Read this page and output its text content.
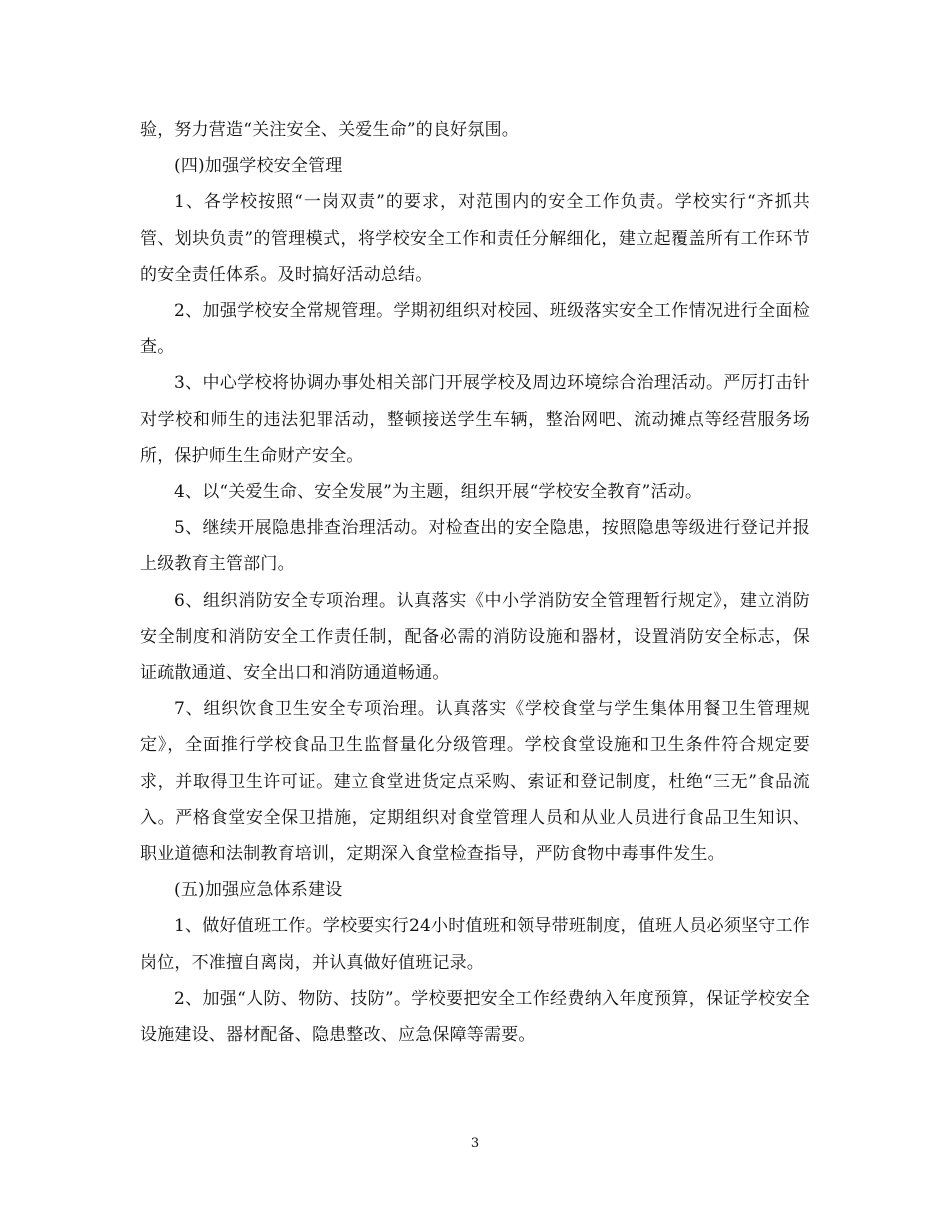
验，努力营造“关注安全、关爱生命”的良好氛围。

(四)加强学校安全管理

1、各学校按照“一岗双责”的要求，对范围内的安全工作负责。学校实行“齐抓共管、划块负责”的管理模式，将学校安全工作和责任分解细化，建立起覆盖所有工作环节的安全责任体系。及时搞好活动总结。

2、加强学校安全常规管理。学期初组织对校园、班级落实安全工作情况进行全面检查。

3、中心学校将协调办事处相关部门开展学校及周边环境综合治理活动。严厉打击针对学校和师生的违法犯罪活动，整顿接送学生车辆，整治网吧、流动摊点等经营服务场所，保护师生生命财产安全。

4、以“关爱生命、安全发展”为主题，组织开展“学校安全教育”活动。

5、继续开展隐患排查治理活动。对检查出的安全隐患，按照隐患等级进行登记并报上级教育主管部门。

6、组织消防安全专项治理。认真落实《中小学消防安全管理暂行规定》，建立消防安全制度和消防安全工作责任制，配备必需的消防设施和器材，设置消防安全标志，保证疏散通道、安全出口和消防通道畅通。

7、组织饮食卫生安全专项治理。认真落实《学校食堂与学生集体用餐卫生管理规定》，全面推行学校食品卫生监督量化分级管理。学校食堂设施和卫生条件符合规定要求，并取得卫生许可证。建立食堂进货定点采购、索证和登记制度，杜绝“三无”食品流入。严格食堂安全保卫措施，定期组织对食堂管理人员和从业人员进行食品卫生知识、职业道德和法制教育培训，定期深入食堂检查指导，严防食物中毒事件发生。

(五)加强应急体系建设

1、做好值班工作。学校要实行24小时值班和领导带班制度，值班人员必须坚守工作岗位，不准擅自离岗，并认真做好值班记录。

2、加强“人防、物防、技防”。学校要把安全工作经费纳入年度预算，保证学校安全设施建设、器材配备、隐患整改、应急保障等需要。

3
